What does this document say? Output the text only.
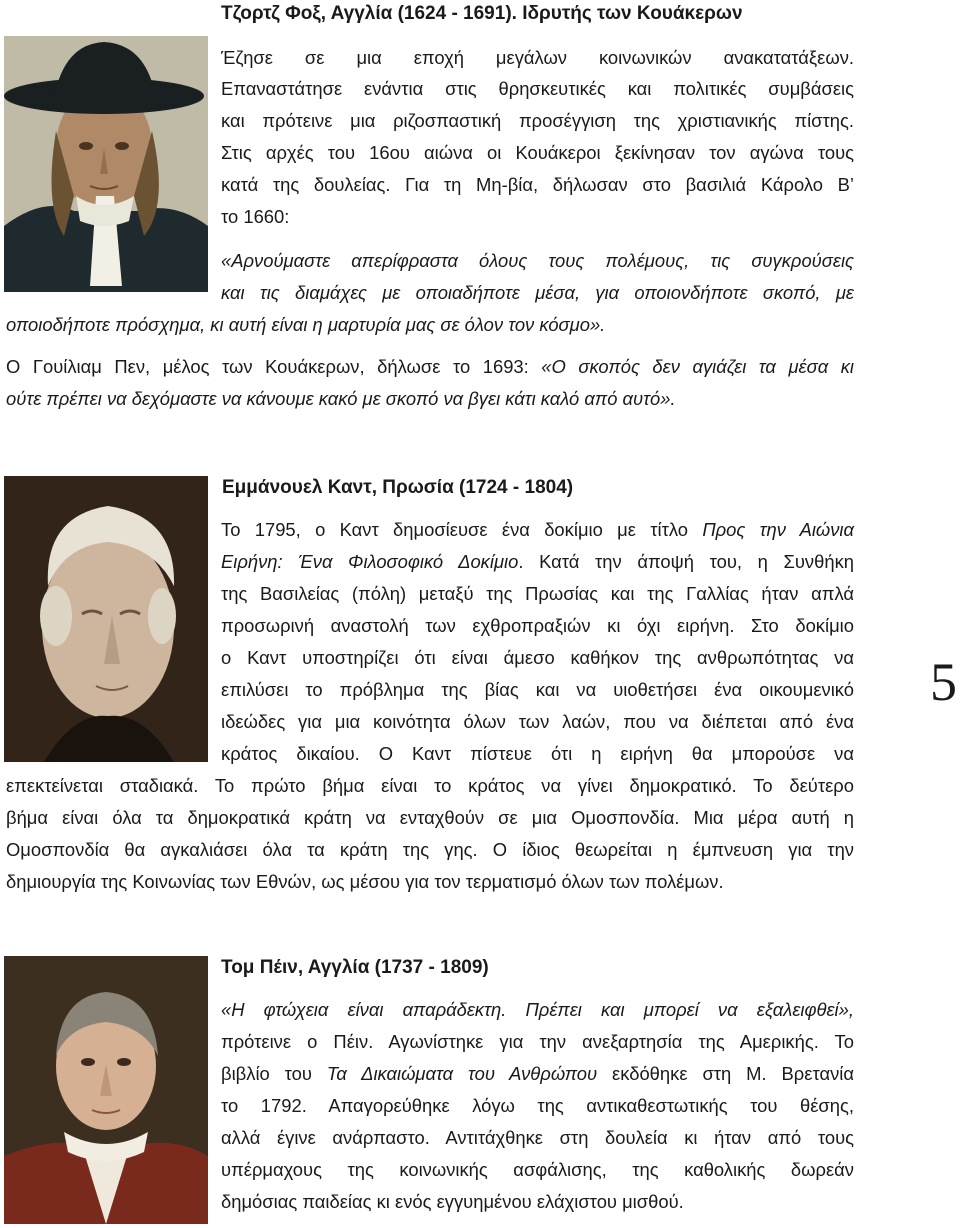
Τζορτζ Φοξ, Αγγλία (1624 - 1691). Ιδρυτής των Κουάκερων
Έζησε σε μια εποχή μεγάλων κοινωνικών ανακατατάξεων.
Επαναστάτησε ενάντια στις θρησκευτικές και πολιτικές συμβάσεις
και πρότεινε μια ριζοσπαστική προσέγγιση της χριστιανικής πίστης.
Στις αρχές του 16ου αιώνα οι Κουάκεροι ξεκίνησαν τον αγώνα τους
κατά της δουλείας. Για τη Μη-βία, δήλωσαν στο βασιλιά Κάρολο Β’
το 1660:
«Αρνούμαστε απερίφραστα όλους τους πολέμους, τις συγκρούσεις
και τις διαμάχες με οποιαδήποτε μέσα, για οποιονδήποτε σκοπό, με
οποιοδήποτε πρόσχημα, κι αυτή είναι η μαρτυρία μας σε όλον τον κόσμο».
Ο Γουίλιαμ Πεν, μέλος των Κουάκερων, δήλωσε το 1693: «Ο σκοπός δεν αγιάζει τα μέσα κι
ούτε πρέπει να δεχόμαστε να κάνουμε κακό με σκοπό να βγει κάτι καλό από αυτό».
Εμμάνουελ Καντ, Πρωσία (1724 - 1804)
Το 1795, ο Καντ δημοσίευσε ένα δοκίμιο με τίτλο Προς την Αιώνια
Ειρήνη: Ένα Φιλοσοφικό Δοκίμιο. Κατά την άποψή του, η Συνθήκη
της Βασιλείας (πόλη) μεταξύ της Πρωσίας και της Γαλλίας ήταν απλά
προσωρινή αναστολή των εχθροπραξιών κι όχι ειρήνη. Στο δοκίμιο
ο Καντ υποστηρίζει ότι είναι άμεσο καθήκον της ανθρωπότητας να
επιλύσει το πρόβλημα της βίας και να υιοθετήσει ένα οικουμενικό
ιδεώδες για μια κοινότητα όλων των λαών, που να διέπεται από ένα
κράτος δικαίου. Ο Καντ πίστευε ότι η ειρήνη θα μπορούσε να
επεκτείνεται σταδιακά. Το πρώτο βήμα είναι το κράτος να γίνει δημοκρατικό. Το δεύτερο
βήμα είναι όλα τα δημοκρατικά κράτη να ενταχθούν σε μια Ομοσπονδία. Μια μέρα αυτή η
Ομοσπονδία θα αγκαλιάσει όλα τα κράτη της γης. Ο ίδιος θεωρείται η έμπνευση για την
δημιουργία της Κοινωνίας των Εθνών, ως μέσου για τον τερματισμό όλων των πολέμων.
5
Τομ Πέιν, Αγγλία (1737 - 1809)
«Η φτώχεια είναι απαράδεκτη. Πρέπει και μπορεί να εξαλειφθεί»,
πρότεινε ο Πέιν. Αγωνίστηκε για την ανεξαρτησία της Αμερικής. Το
βιβλίο του Τα Δικαιώματα του Ανθρώπου εκδόθηκε στη Μ. Βρετανία
το 1792. Απαγορεύθηκε λόγω της αντικαθεστωτικής του θέσης,
αλλά έγινε ανάρπαστο. Αντιτάχθηκε στη δουλεία κι ήταν από τους
υπέρμαχους της κοινωνικής ασφάλισης, της καθολικής δωρεάν
δημόσιας παιδείας κι ενός εγγυημένου ελάχιστου μισθού.
